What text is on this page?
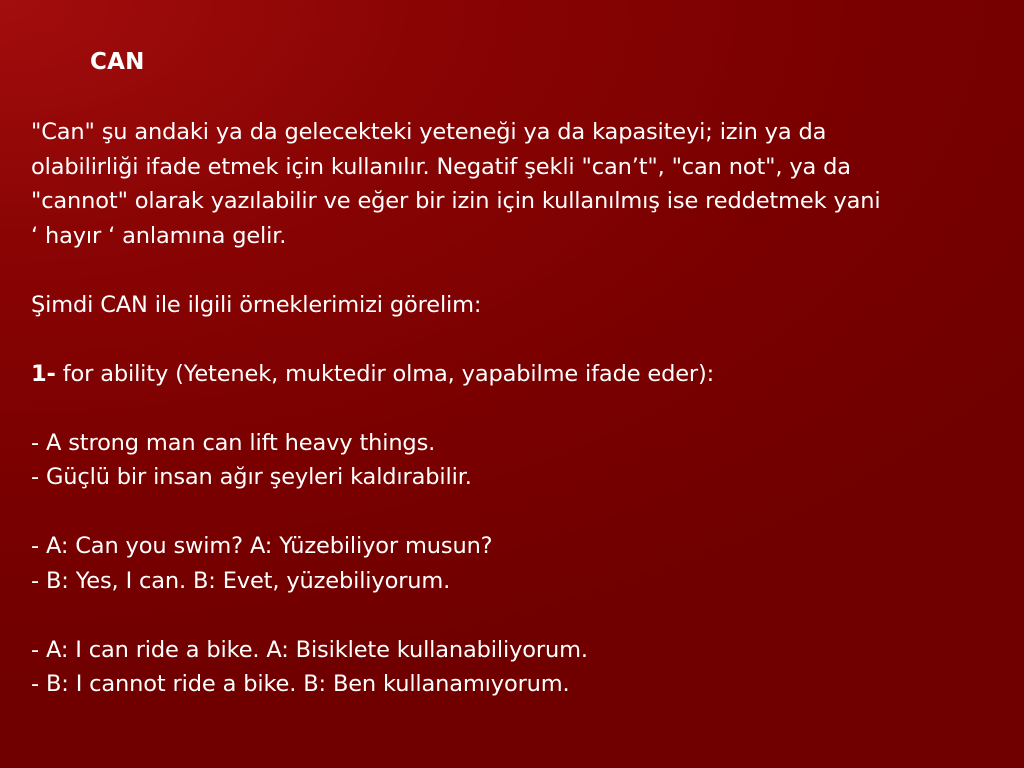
CAN

"Can" şu andaki ya da gelecekteki yeteneği ya da kapasiteyi; izin ya da
olabilirliği ifade etmek için kullanılır. Negatif şekli "can’t", "can not", ya da
"cannot" olarak yazılabilir ve eğer bir izin için kullanılmış ise reddetmek yani
‘ hayır ‘ anlamına gelir.

Şimdi CAN ile ilgili örneklerimizi görelim:

1- for ability (Yetenek, muktedir olma, yapabilme ifade eder):

- A strong man can lift heavy things.
- Güçlü bir insan ağır şeyleri kaldırabilir.
- A: Can you swim? A: Yüzebiliyor musun?
- B: Yes, I can. B: Evet, yüzebiliyorum.
- A: I can ride a bike. A: Bisiklete kullanabiliyorum.
- B: I cannot ride a bike. B: Ben kullanamıyorum.
